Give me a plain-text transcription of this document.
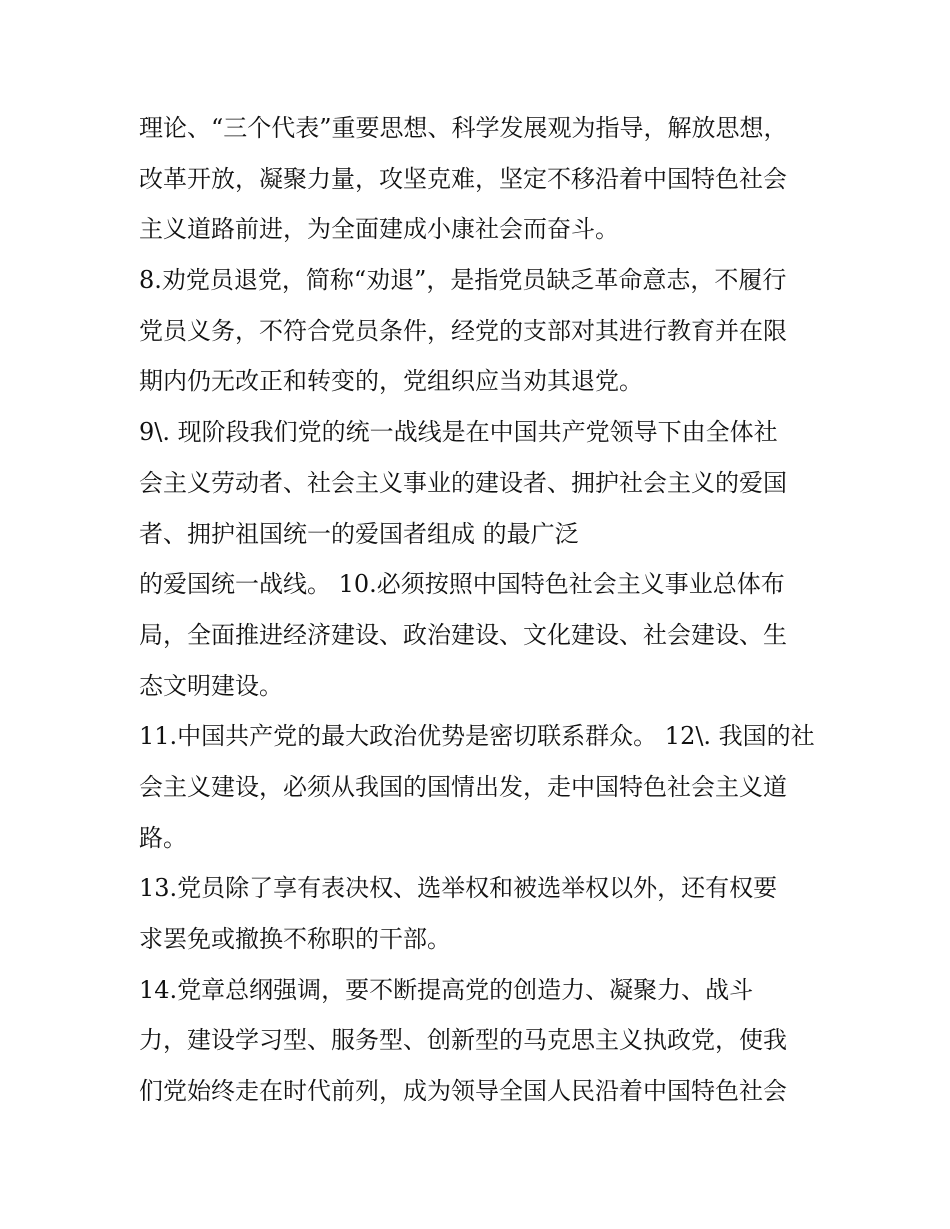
理论、“三个代表”重要思想、科学发展观为指导，解放思想，
改革开放，凝聚力量，攻坚克难，坚定不移沿着中国特色社会
主义道路前进，为全面建成小康社会而奋斗。
8.劝党员退党，简称“劝退”，是指党员缺乏革命意志，不履行
党员义务，不符合党员条件，经党的支部对其进行教育并在限
期内仍无改正和转变的，党组织应当劝其退党。
9\. 现阶段我们党的统一战线是在中国共产党领导下由全体社
会主义劳动者、社会主义事业的建设者、拥护社会主义的爱国
者、拥护祖国统一的爱国者组成 的最广泛
的爱国统一战线。 10.必须按照中国特色社会主义事业总体布
局，全面推进经济建设、政治建设、文化建设、社会建设、生
态文明建设。
11.中国共产党的最大政治优势是密切联系群众。 12\. 我国的社
会主义建设，必须从我国的国情出发，走中国特色社会主义道
路。
13.党员除了享有表决权、选举权和被选举权以外，还有权要
求罢免或撤换不称职的干部。
14.党章总纲强调，要不断提高党的创造力、凝聚力、战斗
力，建设学习型、服务型、创新型的马克思主义执政党，使我
们党始终走在时代前列，成为领导全国人民沿着中国特色社会
